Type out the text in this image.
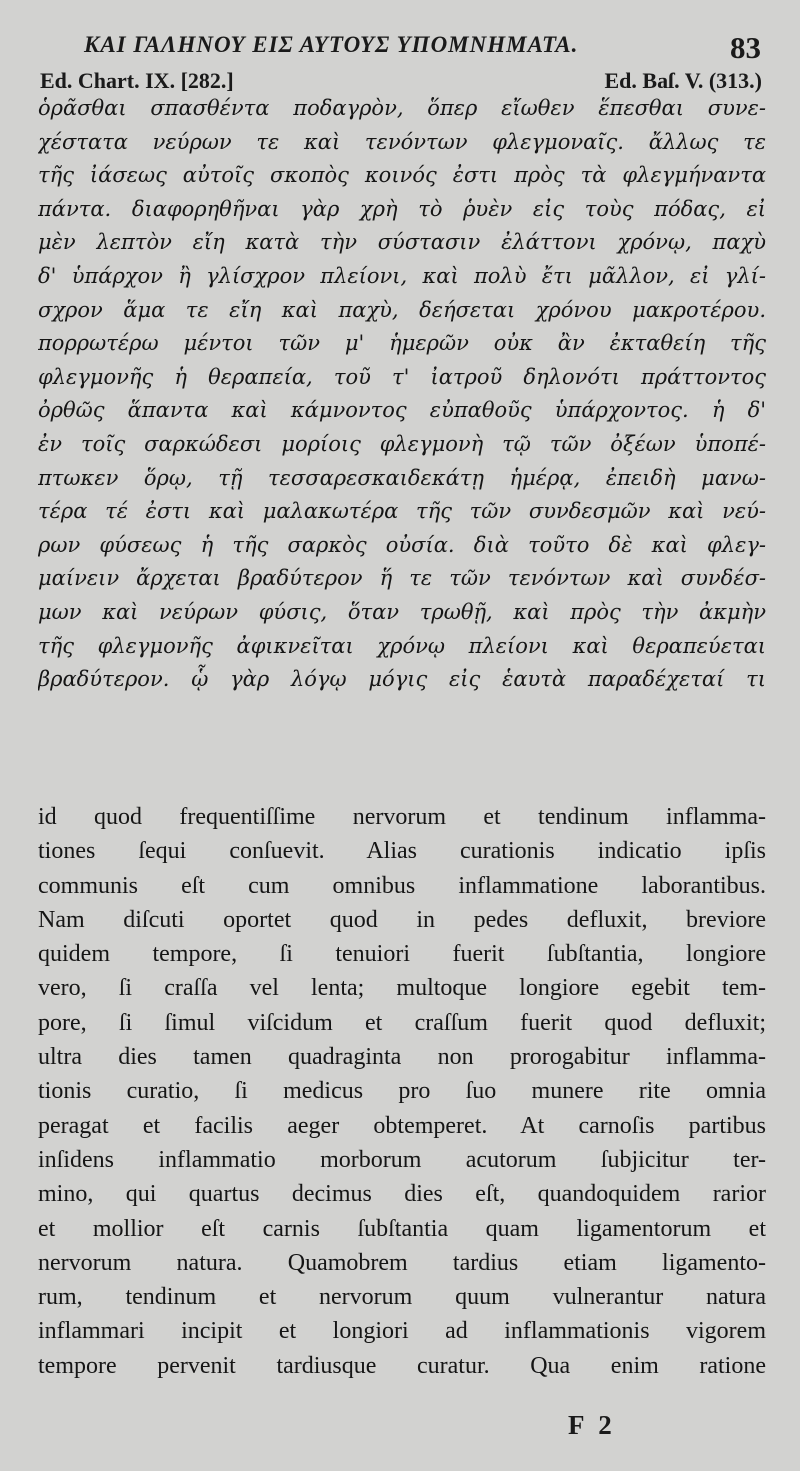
ΚΑΙ ΓΑΛΗΝΟΥ ΕΙΣ ΑΥΤΟΥΣ ΥΠΟΜΝΗΜΑΤΑ.	83
Ed. Chart. IX. [282.]	Ed. Baſ. V. (313.)
ὁρᾶσθαι σπασθέντα ποδαγρὸν, ὅπερ εἴωθεν ἕπεσθαι συνε-
χέστατα νεύρων τε καὶ τενόντων φλεγμοναῖς. ἄλλως τε
τῆς ἰάσεως αὐτοῖς σκοπὸς κοινός ἐστι πρὸς τὰ φλεγμήναντα
πάντα. διαφορηθῆναι γὰρ χρὴ τὸ ῥυὲν εἰς τοὺς πόδας, εἰ
μὲν λεπτὸν εἴη κατὰ τὴν σύστασιν ἐλάττονι χρόνῳ, παχὺ
δ' ὑπάρχον ἢ γλίσχρον πλείονι, καὶ πολὺ ἔτι μᾶλλον, εἰ γλί-
σχρον ἅμα τε εἴη καὶ παχὺ, δεήσεται χρόνου μακροτέρου.
πορρωτέρω μέντοι τῶν μ' ἡμερῶν οὐκ ἂν ἐκταθείη τῆς
φλεγμονῆς ἡ θεραπεία, τοῦ τ' ἰατροῦ δηλονότι πράττοντος
ὀρθῶς ἅπαντα καὶ κάμνοντος εὐπαθοῦς ὑπάρχοντος. ἡ δ'
ἐν τοῖς σαρκώδεσι μορίοις φλεγμονὴ τῷ τῶν ὀξέων ὑποπέ-
πτωκεν ὅρῳ, τῇ τεσσαρεσκαιδεκάτῃ ἡμέρᾳ, ἐπειδὴ μανω-
τέρα τέ ἐστι καὶ μαλακωτέρα τῆς τῶν συνδεσμῶν καὶ νεύ-
ρων φύσεως ἡ τῆς σαρκὸς οὐσία. διὰ τοῦτο δὲ καὶ φλεγ-
μαίνειν ἄρχεται βραδύτερον ἥ τε τῶν τενόντων καὶ συνδέσ-
μων καὶ νεύρων φύσις, ὅταν τρωθῇ, καὶ πρὸς τὴν ἀκμὴν
τῆς φλεγμονῆς ἀφικνεῖται χρόνῳ πλείονι καὶ θεραπεύεται
βραδύτερον. ᾧ γὰρ λόγῳ μόγις εἰς ἑαυτὰ παραδέχεταί τι
id quod frequentiſſime nervorum et tendinum inflamma-
tiones ſequi conſuevit. Alias curationis indicatio ipſis
communis eſt cum omnibus inflammatione laborantibus.
Nam diſcuti oportet quod in pedes defluxit, breviore
quidem tempore, ſi tenuiori fuerit ſubſtantia, longiore
vero, ſi craſſa vel lenta; multoque longiore egebit tem-
pore, ſi ſimul viſcidum et craſſum fuerit quod defluxit;
ultra dies tamen quadraginta non prorogabitur inflamma-
tionis curatio, ſi medicus pro ſuo munere rite omnia
peragat et facilis aeger obtemperet. At carnoſis partibus
inſidens inflammatio morborum acutorum ſubjicitur ter-
mino, qui quartus decimus dies eſt, quandoquidem rarior
et mollior eſt carnis ſubſtantia quam ligamentorum et
nervorum natura. Quamobrem tardius etiam ligamento-
rum, tendinum et nervorum quum vulnerantur natura
inflammari incipit et longiori ad inflammationis vigorem
tempore pervenit tardiusque curatur. Qua enim ratione
F 2
